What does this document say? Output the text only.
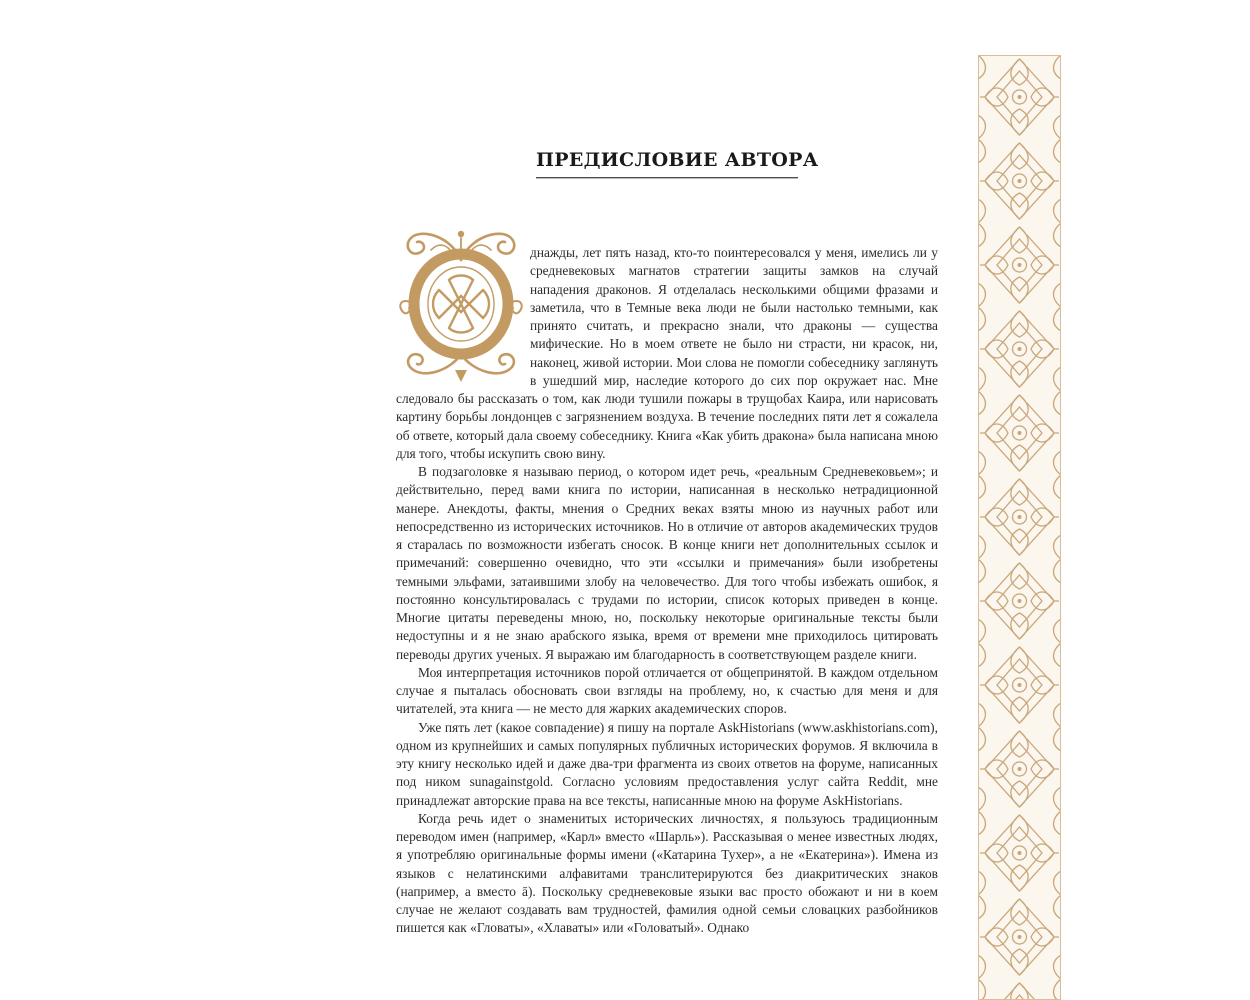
ПРЕДИСЛОВИЕ АВТОРА

днажды, лет пять назад, кто-то поинтересовался у меня, имелись ли у средневековых магнатов стратегии защиты замков на случай нападения драконов. Я отделалась несколькими общими фразами и заметила, что в Темные века люди не были настолько темными, как принято считать, и прекрасно знали, что драконы — существа мифические. Но в моем ответе не было ни страсти, ни красок, ни, наконец, живой истории. Мои слова не помогли собеседнику заглянуть в ушедший мир, наследие которого до сих пор окружает нас. Мне следовало бы рассказать о том, как люди тушили пожары в трущобах Каира, или нарисовать картину борьбы лондонцев с загрязнением воздуха. В течение последних пяти лет я сожалела об ответе, который дала своему собеседнику. Книга «Как убить дракона» была написана мною для того, чтобы искупить свою вину.

В подзаголовке я называю период, о котором идет речь, «реальным Средневековьем»; и действительно, перед вами книга по истории, написанная в несколько нетрадиционной манере. Анекдоты, факты, мнения о Средних веках взяты мною из научных работ или непосредственно из исторических источников. Но в отличие от авторов академических трудов я старалась по возможности избегать сносок. В конце книги нет дополнительных ссылок и примечаний: совершенно очевидно, что эти «ссылки и примечания» были изобретены темными эльфами, затаившими злобу на человечество. Для того чтобы избежать ошибок, я постоянно консультировалась с трудами по истории, список которых приведен в конце. Многие цитаты переведены мною, но, поскольку некоторые оригинальные тексты были недоступны и я не знаю арабского языка, время от времени мне приходилось цитировать переводы других ученых. Я выражаю им благодарность в соответствующем разделе книги.

Моя интерпретация источников порой отличается от общепринятой. В каждом отдельном случае я пыталась обосновать свои взгляды на проблему, но, к счастью для меня и для читателей, эта книга — не место для жарких академических споров.

Уже пять лет (какое совпадение) я пишу на портале AskHistorians (www.askhistorians.com), одном из крупнейших и самых популярных публичных исторических форумов. Я включила в эту книгу несколько идей и даже два-три фрагмента из своих ответов на форуме, написанных под ником sunagainstgold. Согласно условиям предоставления услуг сайта Reddit, мне принадлежат авторские права на все тексты, написанные мною на форуме AskHistorians.

Когда речь идет о знаменитых исторических личностях, я пользуюсь традиционным переводом имен (например, «Карл» вместо «Шарль»). Рассказывая о менее известных людях, я употребляю оригинальные формы имени («Катарина Тухер», а не «Екатерина»). Имена из языков с нелатинскими алфавитами транслитерируются без диакритических знаков (например, a вместо ā). Поскольку средневековые языки вас просто обожают и ни в коем случае не желают создавать вам трудностей, фамилия одной семьи словацких разбойников пишется как «Гловаты», «Хлаваты» или «Головатый». Однако
